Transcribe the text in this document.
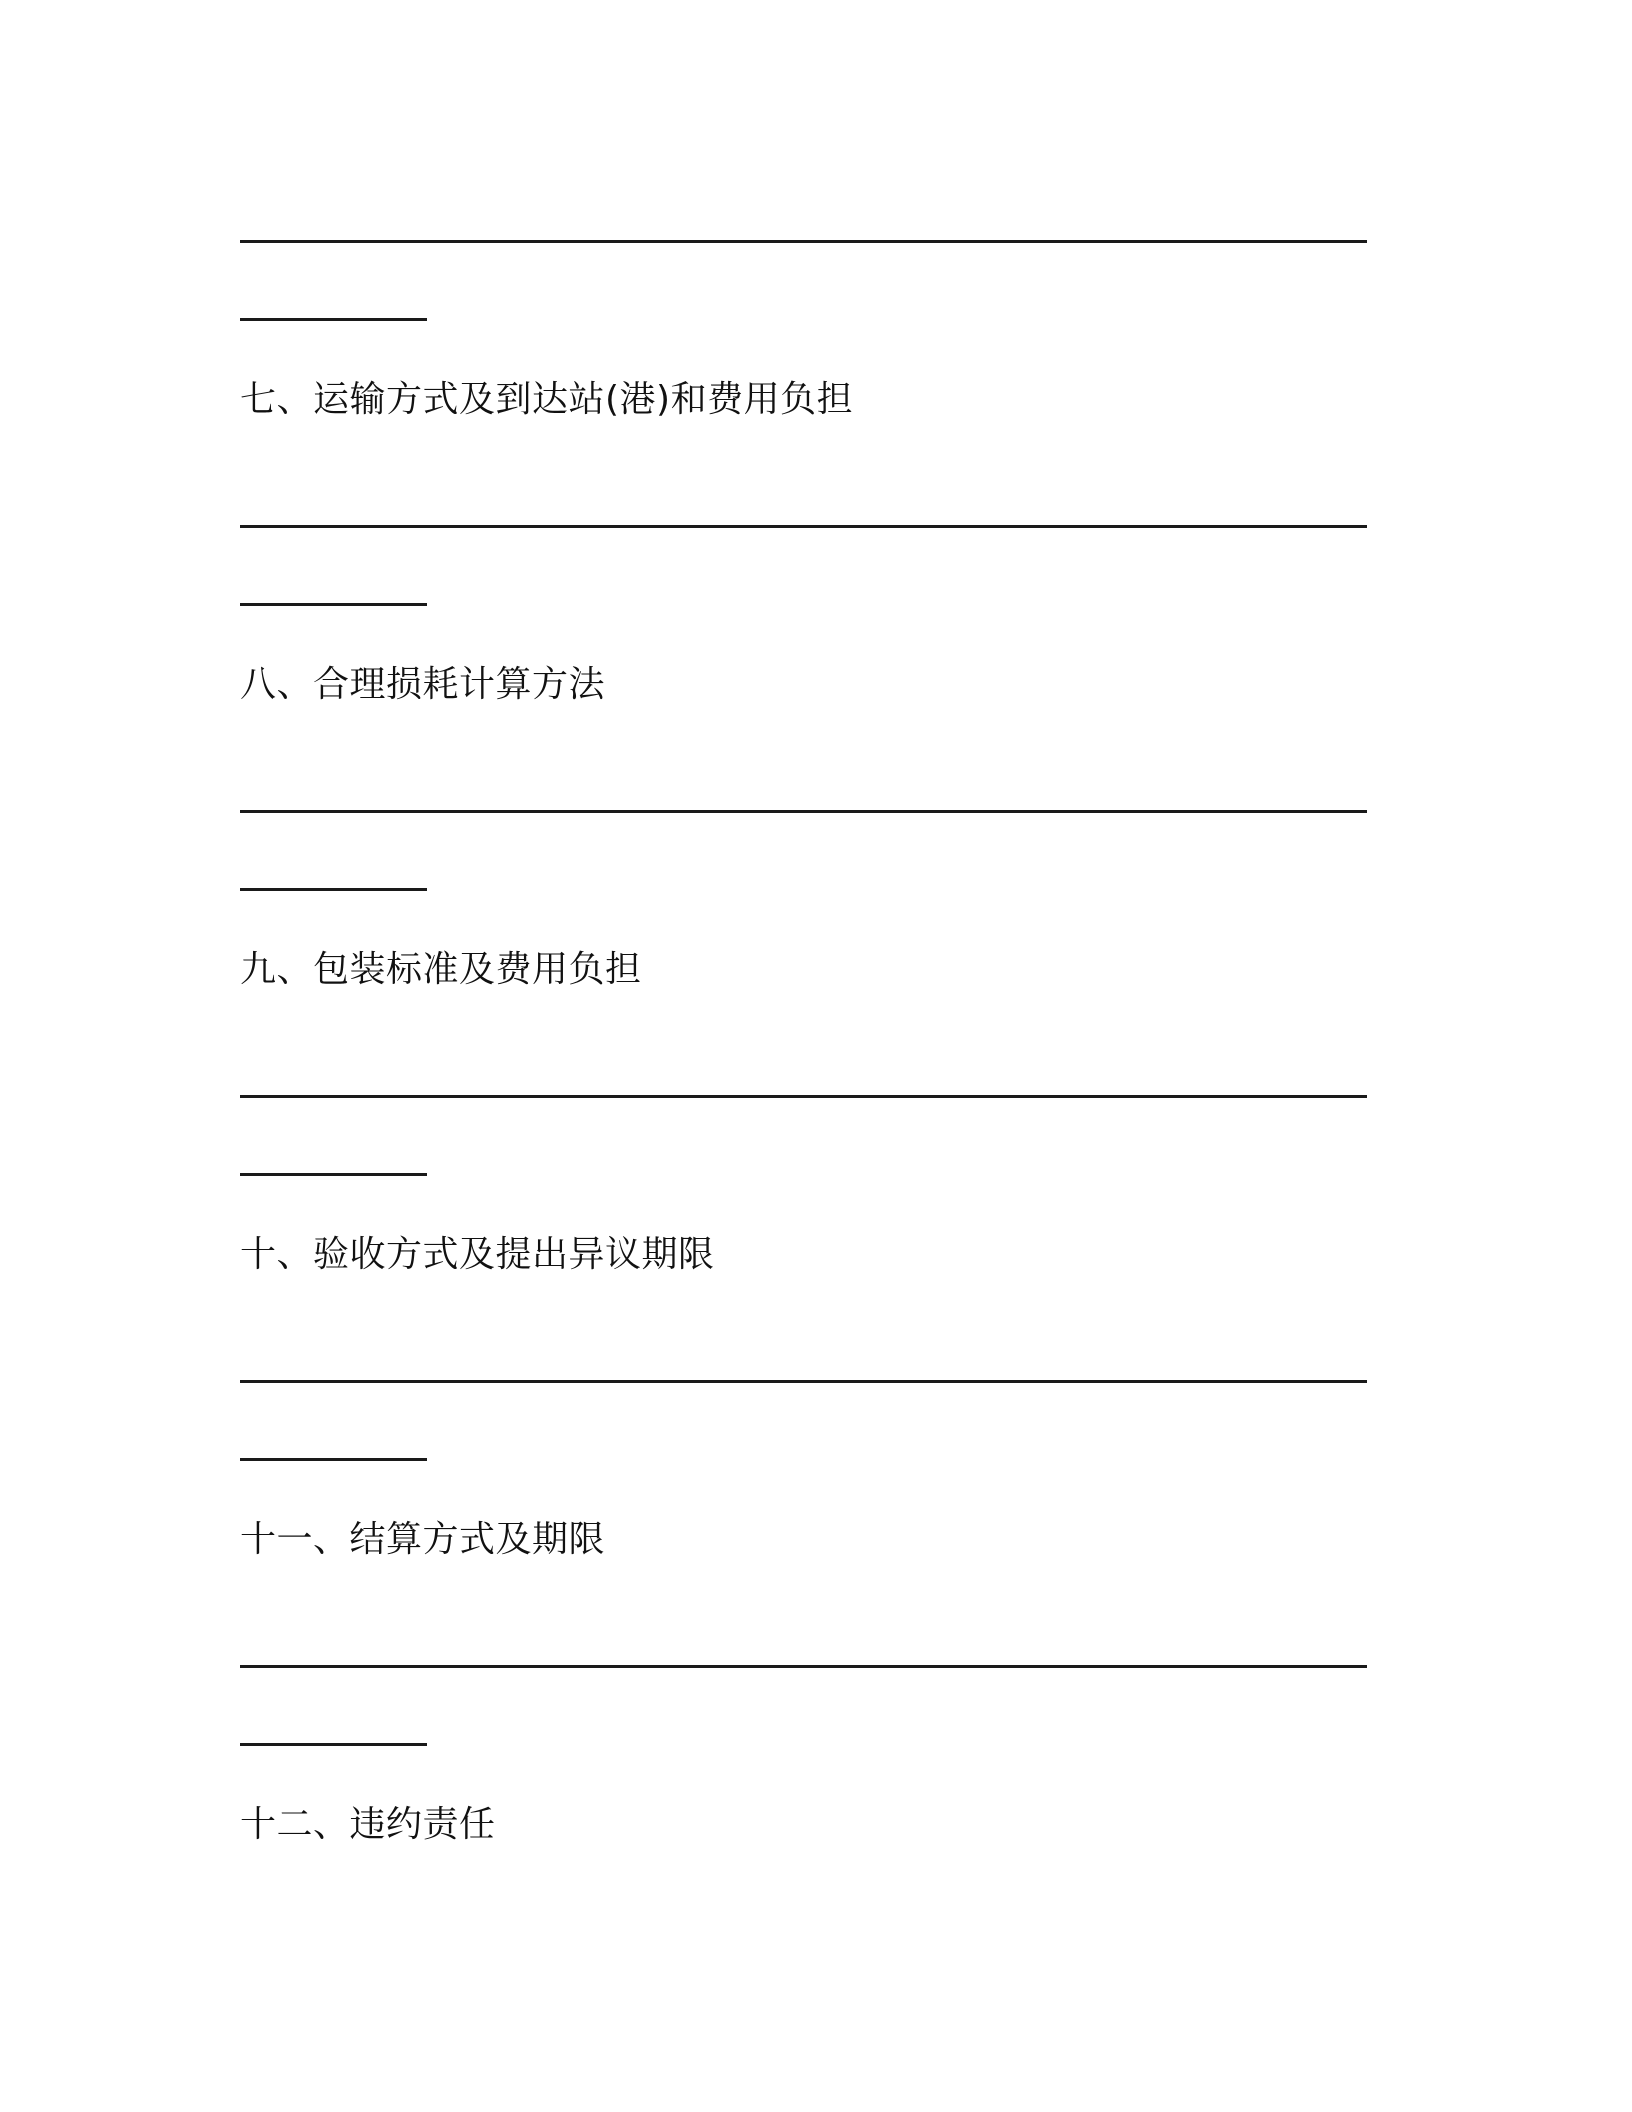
七、运输方式及到达站(港)和费用负担
八、合理损耗计算方法
九、包装标准及费用负担
十、验收方式及提出异议期限
十一、结算方式及期限
十二、违约责任
